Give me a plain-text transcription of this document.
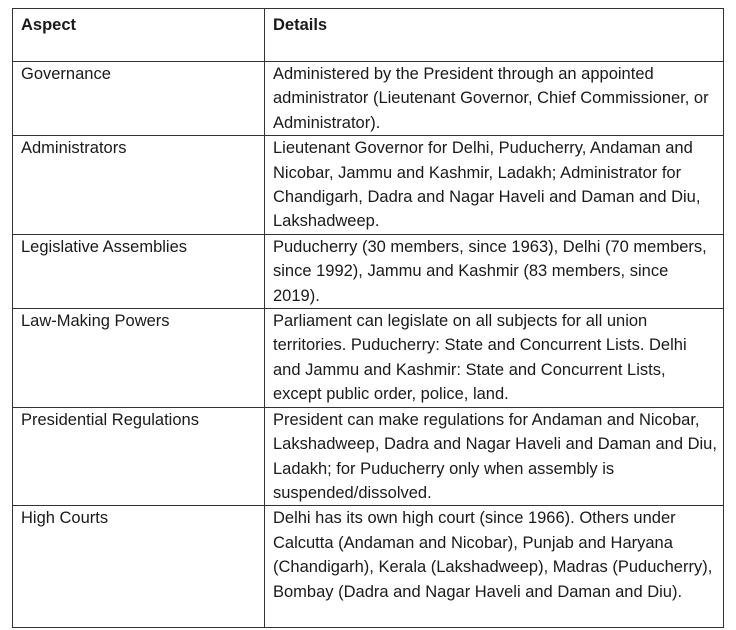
Aspect	Details
Governance	Administered by the President through an appointed administrator (Lieutenant Governor, Chief Commissioner, or Administrator).
Administrators	Lieutenant Governor for Delhi, Puducherry, Andaman and Nicobar, Jammu and Kashmir, Ladakh; Administrator for Chandigarh, Dadra and Nagar Haveli and Daman and Diu, Lakshadweep.
Legislative Assemblies	Puducherry (30 members, since 1963), Delhi (70 members, since 1992), Jammu and Kashmir (83 members, since 2019).
Law-Making Powers	Parliament can legislate on all subjects for all union territories. Puducherry: State and Concurrent Lists. Delhi and Jammu and Kashmir: State and Concurrent Lists, except public order, police, land.
Presidential Regulations	President can make regulations for Andaman and Nicobar, Lakshadweep, Dadra and Nagar Haveli and Daman and Diu, Ladakh; for Puducherry only when assembly is suspended/dissolved.
High Courts	Delhi has its own high court (since 1966). Others under Calcutta (Andaman and Nicobar), Punjab and Haryana (Chandigarh), Kerala (Lakshadweep), Madras (Puducherry), Bombay (Dadra and Nagar Haveli and Daman and Diu).
